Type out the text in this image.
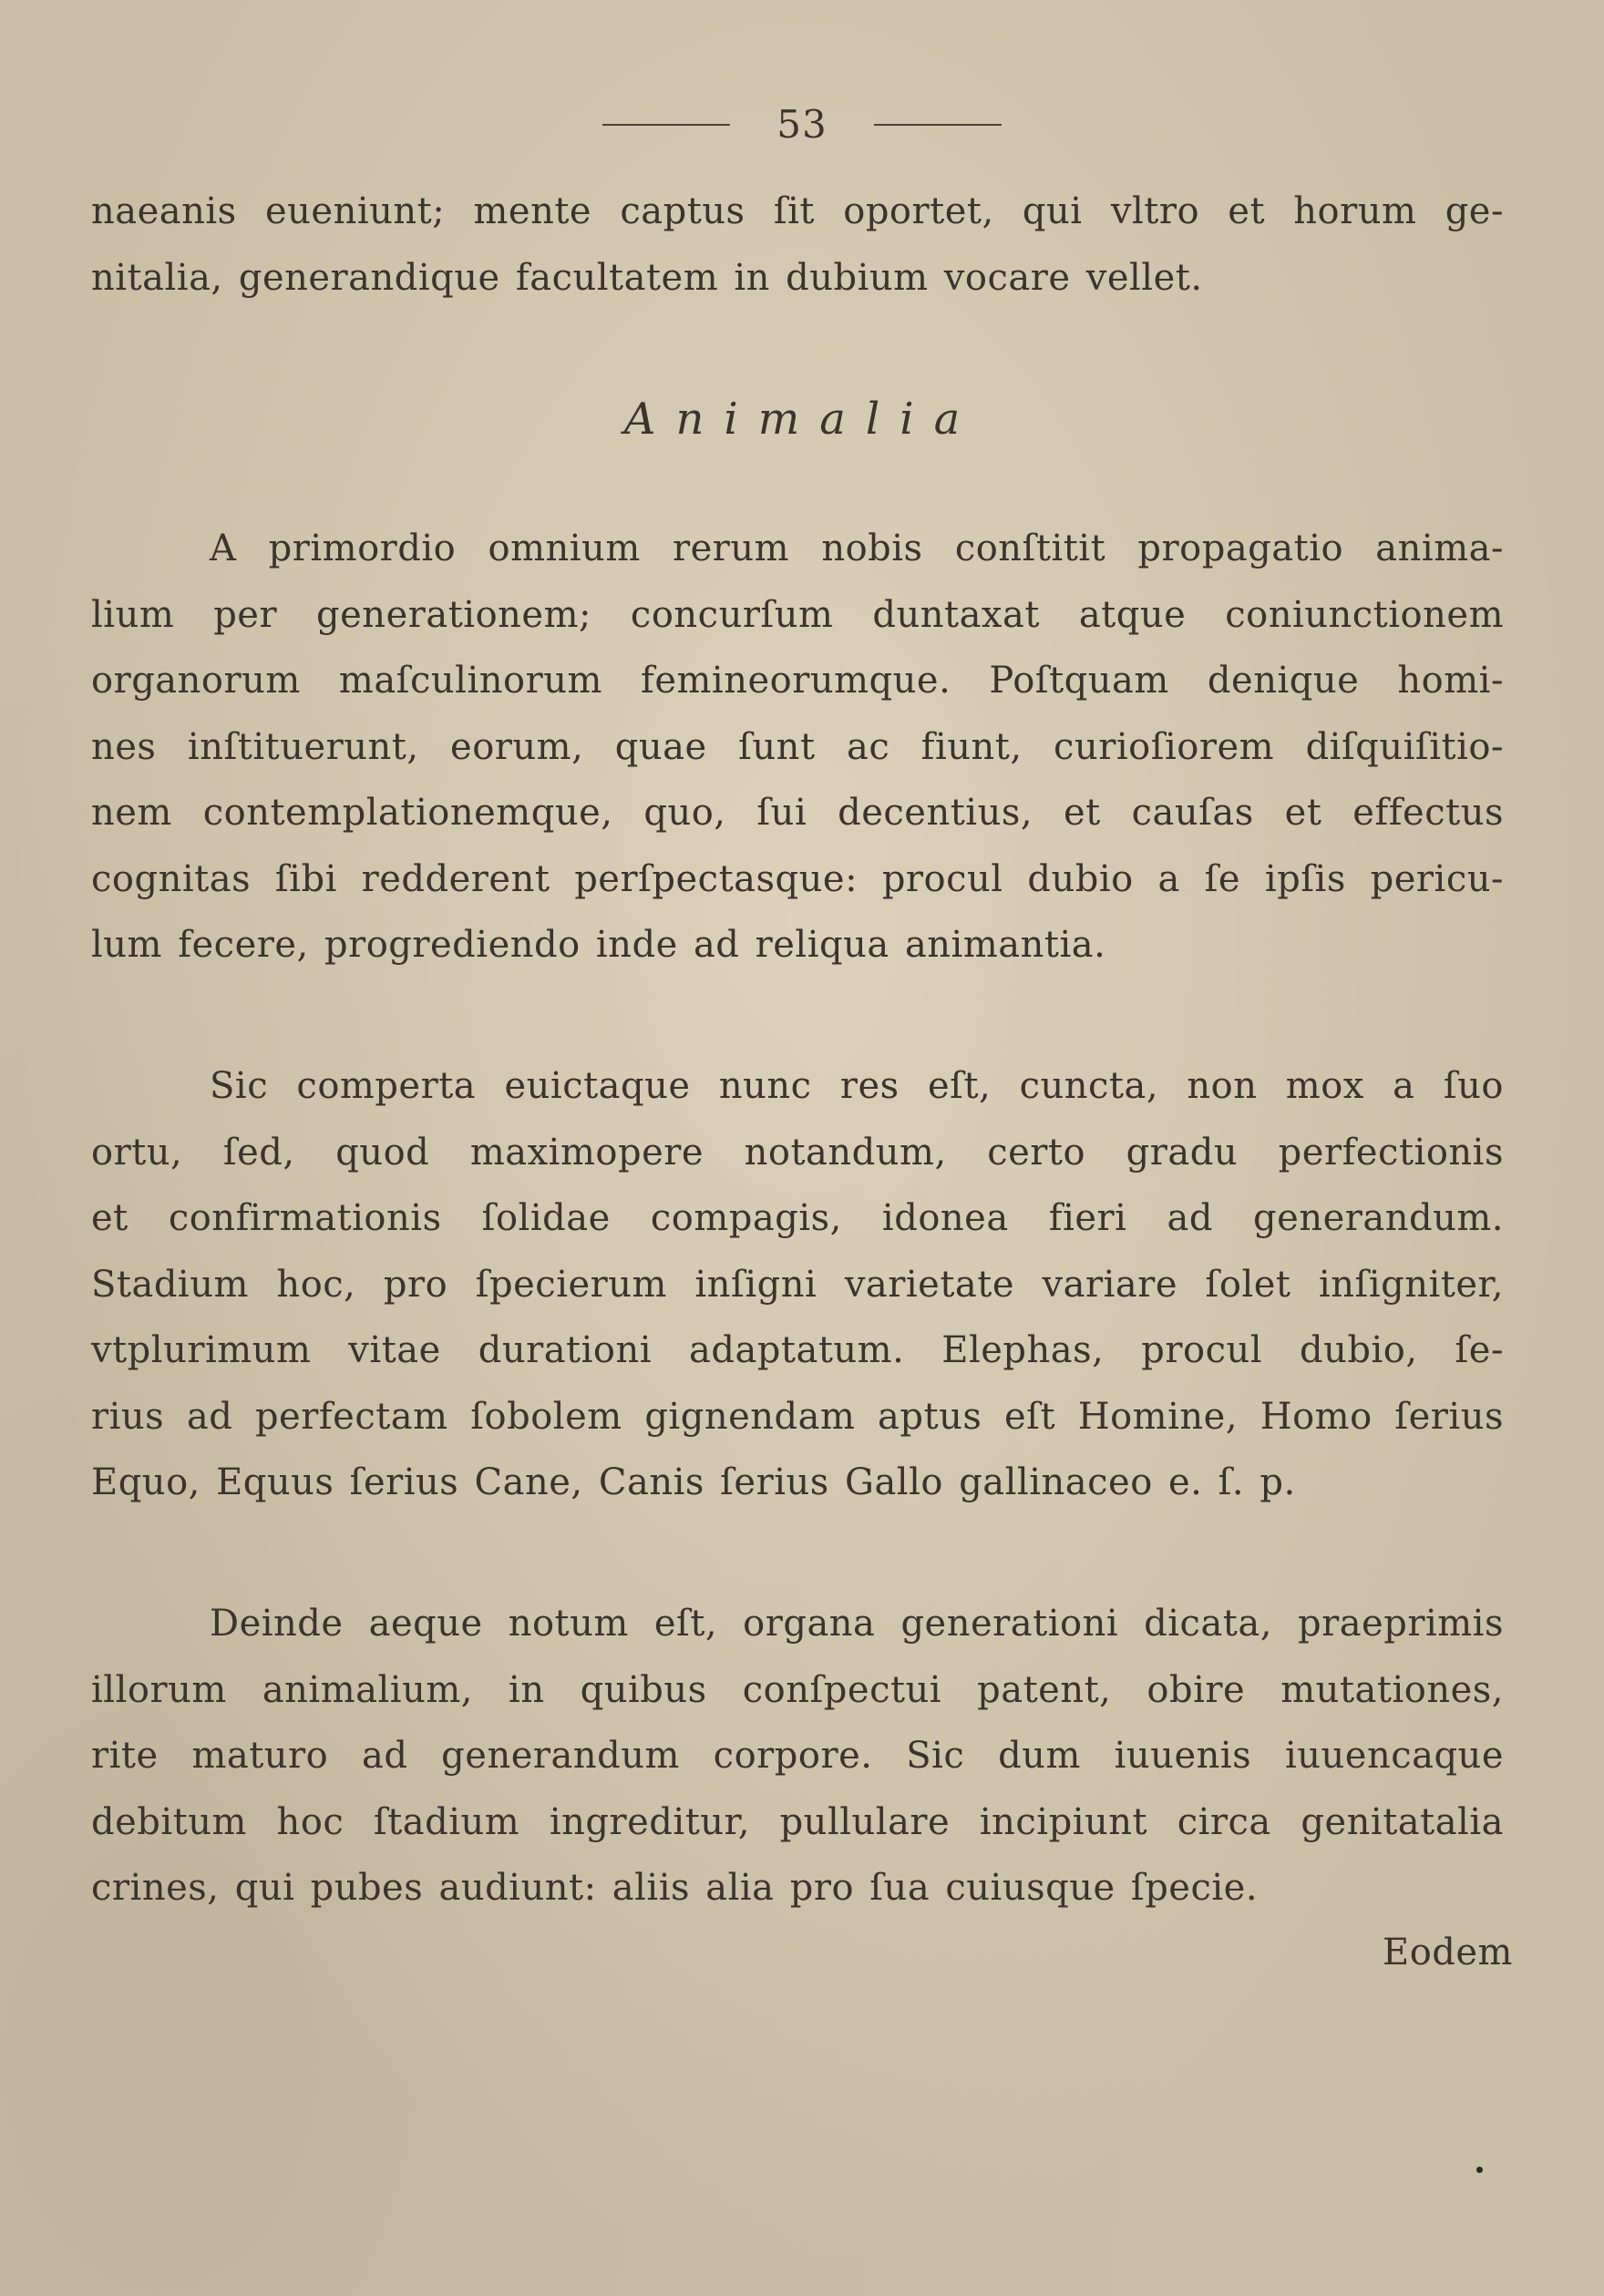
53

naeanis eueniunt; mente captus ſit oportet, qui vltro et horum ge-

nitalia, generandique facultatem in dubium vocare vellet.

Animalia

A primordio omnium rerum nobis conſtitit propagatio anima-

lium per generationem; concurſum duntaxat atque coniunctionem

organorum maſculinorum femineorumque. Poſtquam denique homi-

nes inſtituerunt, eorum, quae ſunt ac fiunt, curioſiorem diſquiſitio-

nem contemplationemque, quo, ſui decentius, et cauſas et effectus

cognitas ſibi redderent perſpectasque: procul dubio a ſe ipſis pericu-

lum fecere, progrediendo inde ad reliqua animantia.

Sic comperta euictaque nunc res eſt, cuncta, non mox a ſuo

ortu, ſed, quod maximopere notandum, certo gradu perfectionis

et confirmationis ſolidae compagis, idonea fieri ad generandum.

Stadium hoc, pro ſpecierum inſigni varietate variare ſolet inſigniter,

vtplurimum vitae durationi adaptatum. Elephas, procul dubio, ſe-

rius ad perfectam ſobolem gignendam aptus eſt Homine, Homo ſerius

Equo, Equus ſerius Cane, Canis ſerius Gallo gallinaceo e. ſ. p.

Deinde aeque notum eſt, organa generationi dicata, praeprimis

illorum animalium, in quibus conſpectui patent, obire mutationes,

rite maturo ad generandum corpore. Sic dum iuuenis iuuencaque

debitum hoc ſtadium ingreditur, pullulare incipiunt circa genitatalia

crines, qui pubes audiunt: aliis alia pro ſua cuiusque ſpecie.

Eodem
